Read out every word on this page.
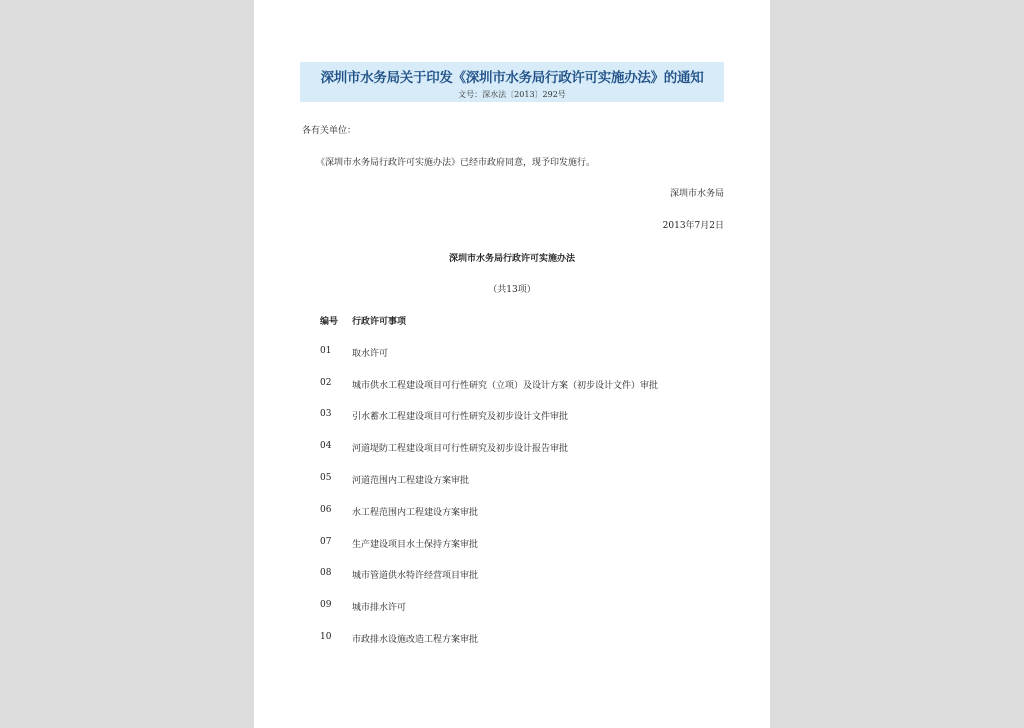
深圳市水务局关于印发《深圳市水务局行政许可实施办法》的通知
文号：深水法〔2013〕292号
各有关单位：
《深圳市水务局行政许可实施办法》已经市政府同意，现予印发施行。
深圳市水务局
2013年7月2日
深圳市水务局行政许可实施办法
（共13项）
编号 行政许可事项
01 取水许可
02 城市供水工程建设项目可行性研究（立项）及设计方案（初步设计文件）审批
03 引水蓄水工程建设项目可行性研究及初步设计文件审批
04 河道堤防工程建设项目可行性研究及初步设计报告审批
05 河道范围内工程建设方案审批
06 水工程范围内工程建设方案审批
07 生产建设项目水土保持方案审批
08 城市管道供水特许经营项目审批
09 城市排水许可
10 市政排水设施改造工程方案审批
